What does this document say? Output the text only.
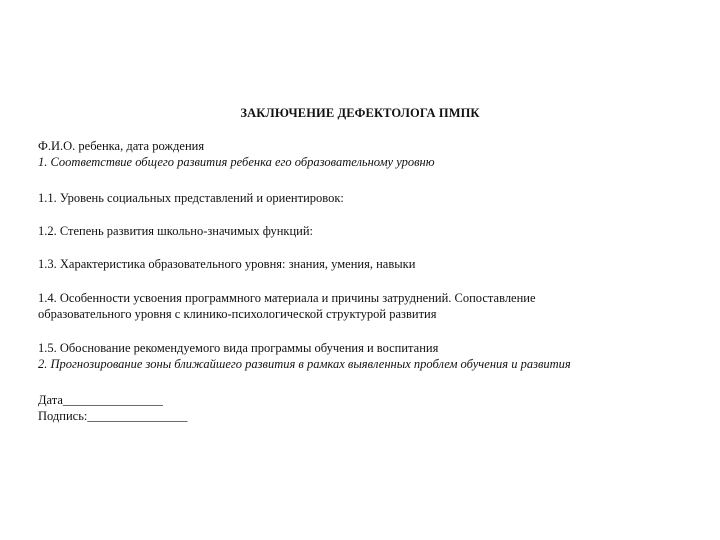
ЗАКЛЮЧЕНИЕ ДЕФЕКТОЛОГА ПМПК
Ф.И.О. ребенка, дата рождения
1. Соответствие общего развития ребенка его образовательному уровню
1.1. Уровень социальных представлений и ориентировок:
1.2. Степень развития школьно-значимых функций:
1.3. Характеристика образовательного уровня: знания, умения, навыки
1.4. Особенности усвоения программного материала и причины затруднений. Сопоставление
образовательного уровня с клинико-психологической структурой развития
1.5. Обоснование рекомендуемого вида программы обучения и воспитания
2. Прогнозирование зоны ближайшего развития в рамках выявленных проблем обучения и развития
Дата________________
Подпись:________________
